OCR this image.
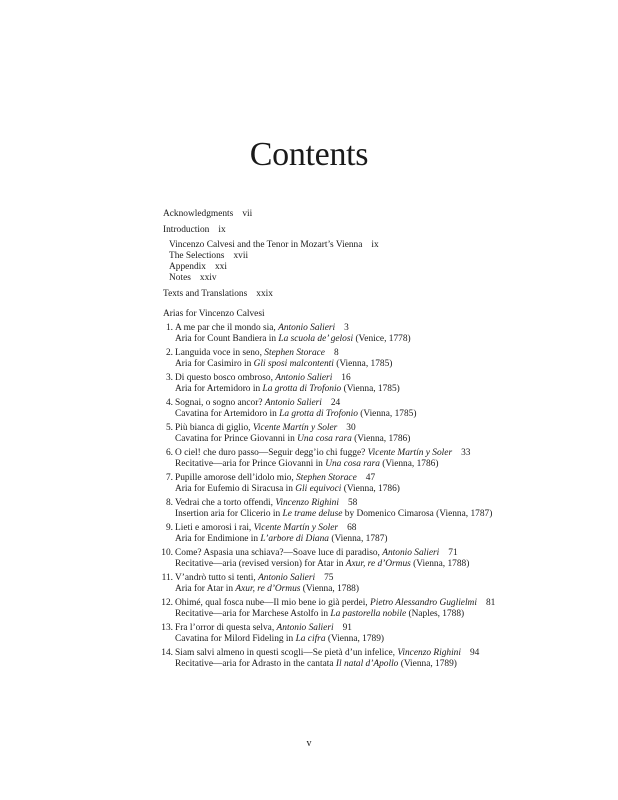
Contents
Acknowledgments vii
Introduction ix
Vincenzo Calvesi and the Tenor in Mozart’s Vienna ix
The Selections xvii
Appendix xxi
Notes xxiv
Texts and Translations xxix
Arias for Vincenzo Calvesi
1. A me par che il mondo sia, Antonio Salieri 3
Aria for Count Bandiera in La scuola de’ gelosi (Venice, 1778)
2. Languida voce in seno, Stephen Storace 8
Aria for Casimiro in Gli sposi malcontenti (Vienna, 1785)
3. Di questo bosco ombroso, Antonio Salieri 16
Aria for Artemidoro in La grotta di Trofonio (Vienna, 1785)
4. Sognai, o sogno ancor? Antonio Salieri 24
Cavatina for Artemidoro in La grotta di Trofonio (Vienna, 1785)
5. Più bianca di giglio, Vicente Martín y Soler 30
Cavatina for Prince Giovanni in Una cosa rara (Vienna, 1786)
6. O ciel! che duro passo—Seguir degg’io chi fugge? Vicente Martín y Soler 33
Recitative—aria for Prince Giovanni in Una cosa rara (Vienna, 1786)
7. Pupille amorose dell’idolo mio, Stephen Storace 47
Aria for Eufemio di Siracusa in Gli equivoci (Vienna, 1786)
8. Vedrai che a torto offendi, Vincenzo Righini 58
Insertion aria for Clicerio in Le trame deluse by Domenico Cimarosa (Vienna, 1787)
9. Lieti e amorosi i rai, Vicente Martín y Soler 68
Aria for Endimione in L’arbore di Diana (Vienna, 1787)
10. Come? Aspasia una schiava?—Soave luce di paradiso, Antonio Salieri 71
Recitative—aria (revised version) for Atar in Axur, re d’Ormus (Vienna, 1788)
11. V’andrò tutto si tenti, Antonio Salieri 75
Aria for Atar in Axur, re d’Ormus (Vienna, 1788)
12. Ohimé, qual fosca nube—Il mio bene io già perdei, Pietro Alessandro Guglielmi 81
Recitative—aria for Marchese Astolfo in La pastorella nobile (Naples, 1788)
13. Fra l’orror di questa selva, Antonio Salieri 91
Cavatina for Milord Fideling in La cifra (Vienna, 1789)
14. Siam salvi almeno in questi scogli—Se pietà d’un infelice, Vincenzo Righini 94
Recitative—aria for Adrasto in the cantata Il natal d’Apollo (Vienna, 1789)
v
